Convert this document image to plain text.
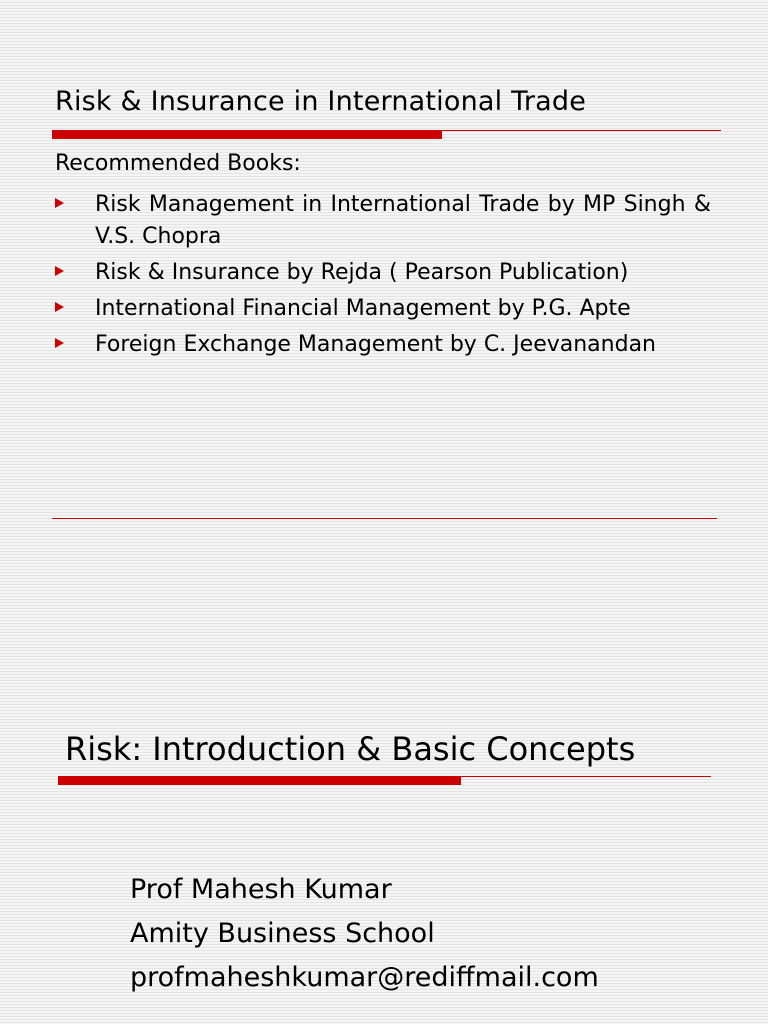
Risk & Insurance in International Trade
Recommended Books:
Risk Management in International Trade by MP Singh & V.S. Chopra
Risk & Insurance by Rejda ( Pearson Publication)
International Financial Management by P.G. Apte
Foreign Exchange Management by C. Jeevanandan
Risk: Introduction & Basic Concepts
Prof Mahesh Kumar
Amity Business School
profmaheshkumar@rediffmail.com
